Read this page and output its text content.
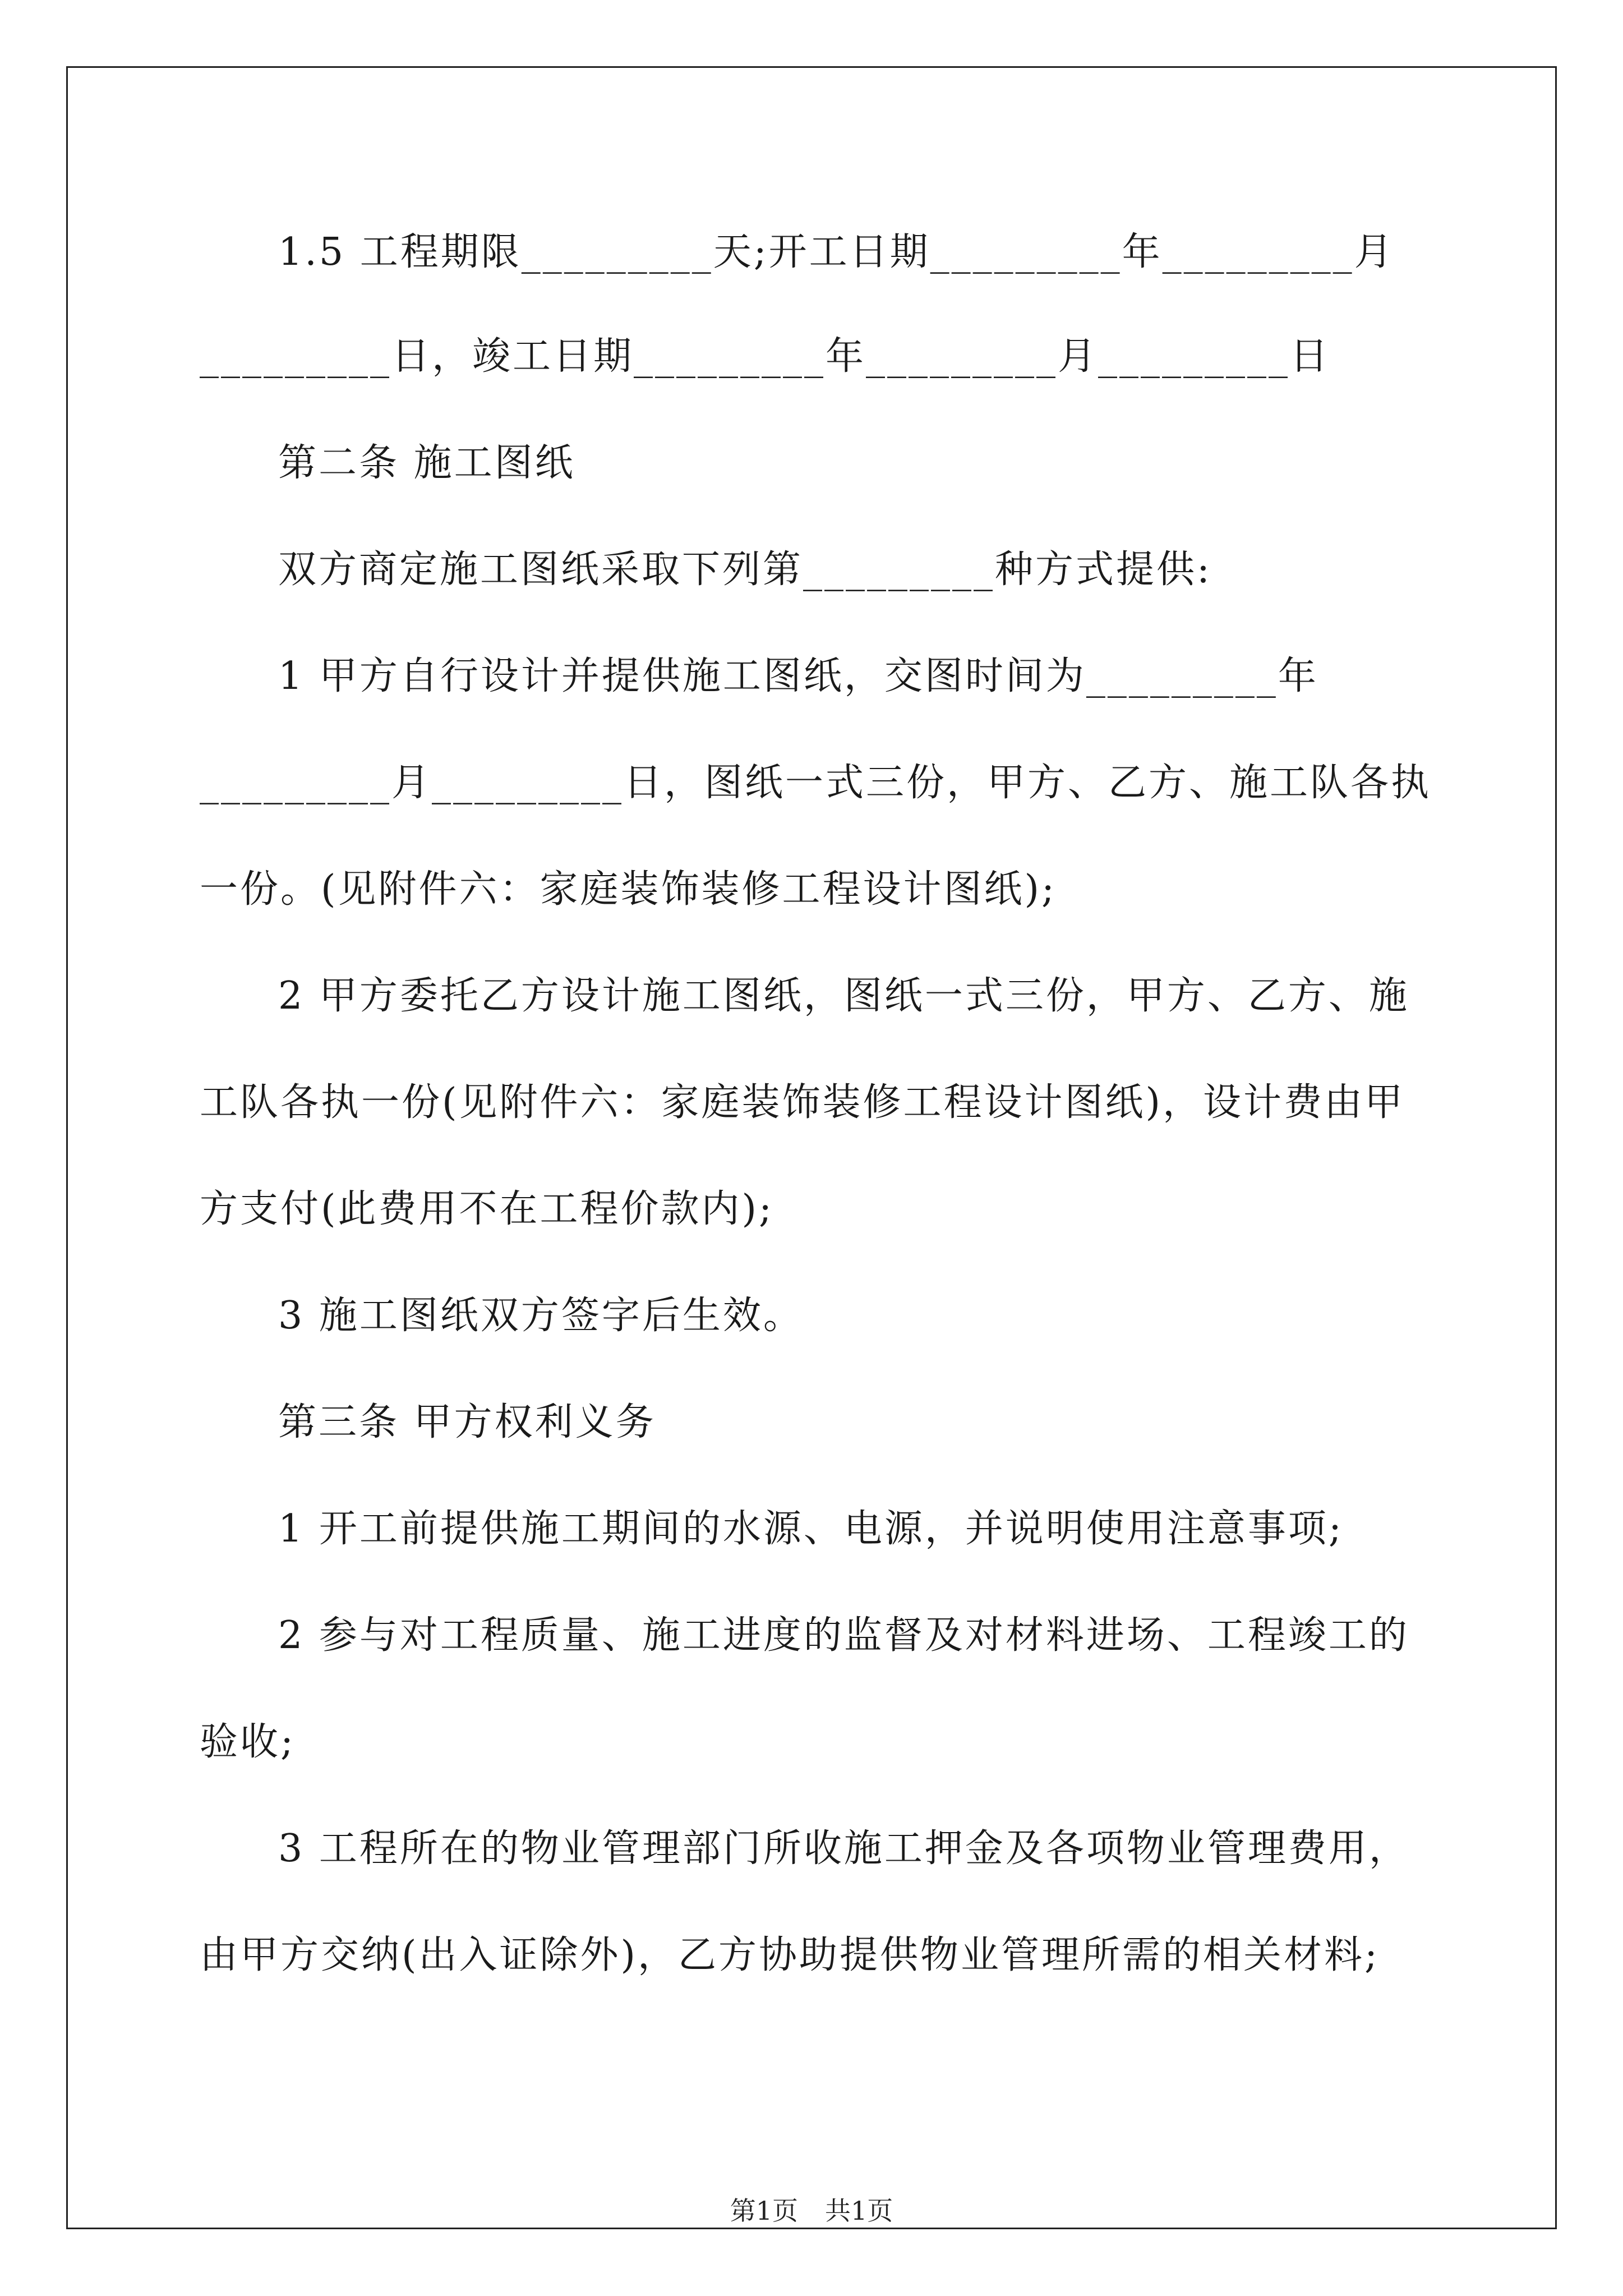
1.5 工程期限_________天;开工日期_________年_________月
_________日，竣工日期_________年_________月_________日
第二条 施工图纸
双方商定施工图纸采取下列第_________种方式提供:
1 甲方自行设计并提供施工图纸，交图时间为_________年
_________月_________日，图纸一式三份，甲方、乙方、施工队各执
一份。(见附件六：家庭装饰装修工程设计图纸);
2 甲方委托乙方设计施工图纸，图纸一式三份，甲方、乙方、施
工队各执一份(见附件六：家庭装饰装修工程设计图纸)，设计费由甲
方支付(此费用不在工程价款内);
3 施工图纸双方签字后生效。
第三条 甲方权利义务
1 开工前提供施工期间的水源、电源，并说明使用注意事项;
2 参与对工程质量、施工进度的监督及对材料进场、工程竣工的
验收;
3 工程所在的物业管理部门所收施工押金及各项物业管理费用，
由甲方交纳(出入证除外)，乙方协助提供物业管理所需的相关材料;
第1页 共1页
